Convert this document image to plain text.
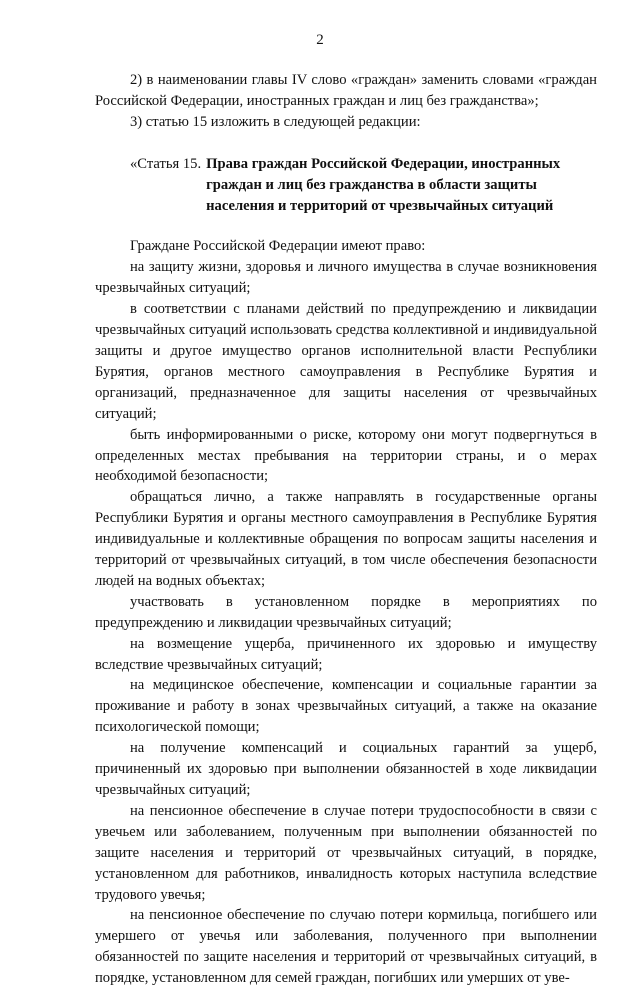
2

2) в наименовании главы IV слово «граждан» заменить словами «граждан Российской Федерации, иностранных граждан и лиц без гражданства»;

3) статью 15 изложить в следующей редакции:

«Статья 15. Права граждан Российской Федерации, иностранных граждан и лиц без гражданства в области защиты населения и территорий от чрезвычайных ситуаций

Граждане Российской Федерации имеют право:

на защиту жизни, здоровья и личного имущества в случае возникновения чрезвычайных ситуаций;

в соответствии с планами действий по предупреждению и ликвидации чрезвычайных ситуаций использовать средства коллективной и индивидуальной защиты и другое имущество органов исполнительной власти Республики Бурятия, органов местного самоуправления в Республике Бурятия и организаций, предназначенное для защиты населения от чрезвычайных ситуаций;

быть информированными о риске, которому они могут подвергнуться в определенных местах пребывания на территории страны, и о мерах необходимой безопасности;

обращаться лично, а также направлять в государственные органы Республики Бурятия и органы местного самоуправления в Республике Бурятия индивидуальные и коллективные обращения по вопросам защиты населения и территорий от чрезвычайных ситуаций, в том числе обеспечения безопасности людей на водных объектах;

участвовать в установленном порядке в мероприятиях по предупреждению и ликвидации чрезвычайных ситуаций;

на возмещение ущерба, причиненного их здоровью и имуществу вследствие чрезвычайных ситуаций;

на медицинское обеспечение, компенсации и социальные гарантии за проживание и работу в зонах чрезвычайных ситуаций, а также на оказание психологической помощи;

на получение компенсаций и социальных гарантий за ущерб, причиненный их здоровью при выполнении обязанностей в ходе ликвидации чрезвычайных ситуаций;

на пенсионное обеспечение в случае потери трудоспособности в связи с увечьем или заболеванием, полученным при выполнении обязанностей по защите населения и территорий от чрезвычайных ситуаций, в порядке, установленном для работников, инвалидность которых наступила вследствие трудового увечья;

на пенсионное обеспечение по случаю потери кормильца, погибшего или умершего от увечья или заболевания, полученного при выполнении обязанностей по защите населения и территорий от чрезвычайных ситуаций, в порядке, установленном для семей граждан, погибших или умерших от уве-
